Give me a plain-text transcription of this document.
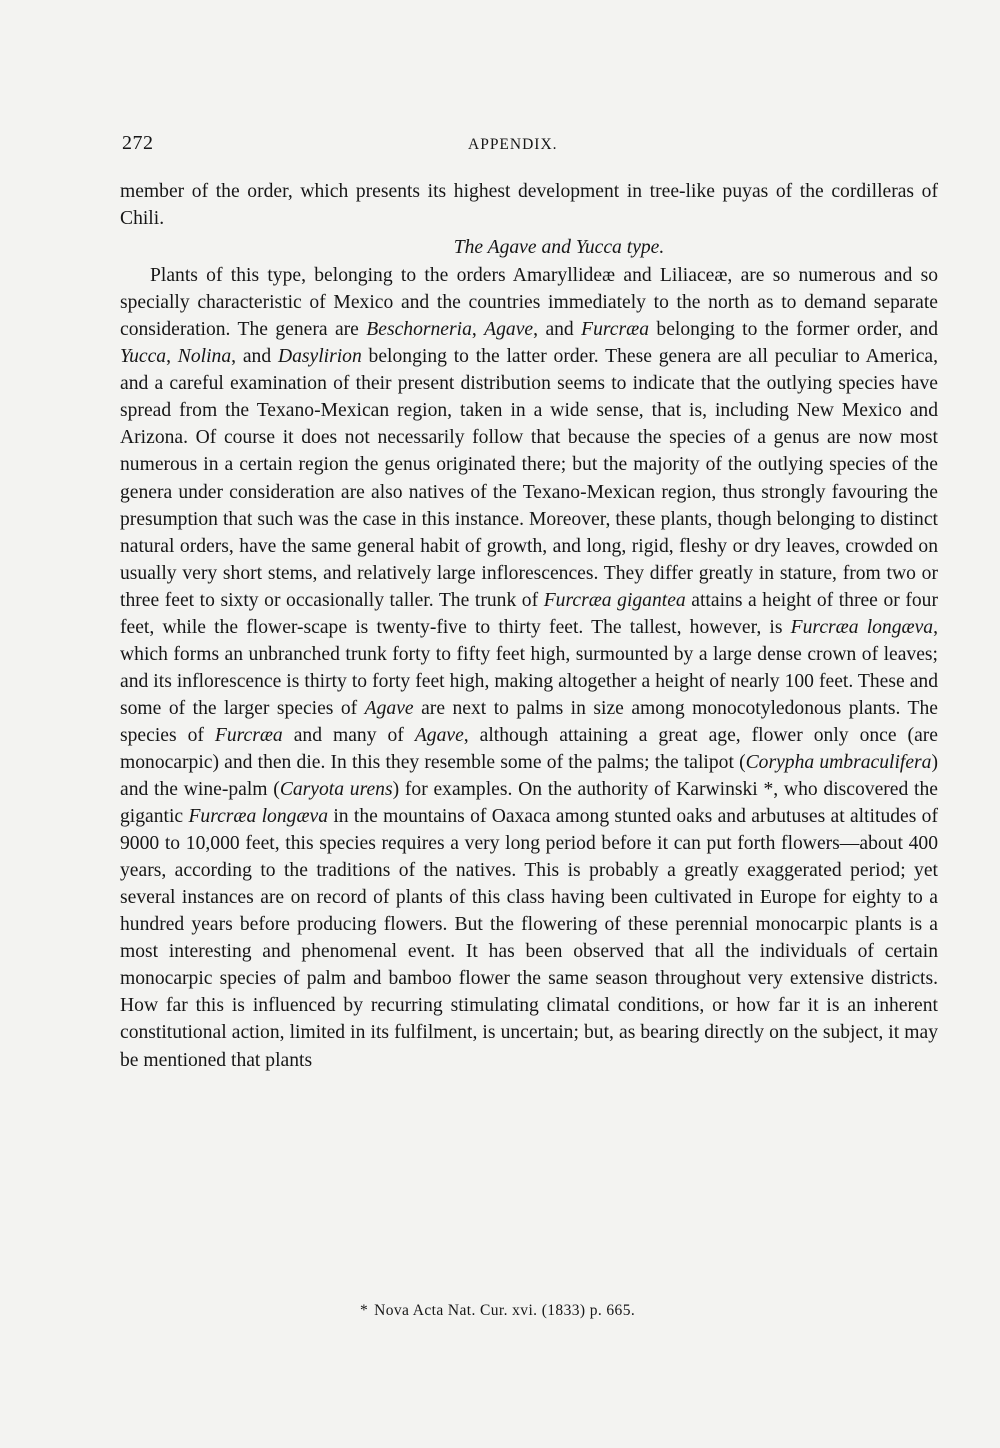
272	APPENDIX.

member of the order, which presents its highest development in tree-like puyas of the cordilleras of Chili.

The Agave and Yucca type.

Plants of this type, belonging to the orders Amaryllideæ and Liliaceæ, are so numerous and so specially characteristic of Mexico and the countries immediately to the north as to demand separate consideration. The genera are Beschorneria, Agave, and Furcræa belonging to the former order, and Yucca, Nolina, and Dasylirion belonging to the latter order. These genera are all peculiar to America, and a careful examination of their present distribution seems to indicate that the outlying species have spread from the Texano-Mexican region, taken in a wide sense, that is, including New Mexico and Arizona. Of course it does not necessarily follow that because the species of a genus are now most numerous in a certain region the genus originated there; but the majority of the outlying species of the genera under consideration are also natives of the Texano-Mexican region, thus strongly favouring the presumption that such was the case in this instance. Moreover, these plants, though belonging to distinct natural orders, have the same general habit of growth, and long, rigid, fleshy or dry leaves, crowded on usually very short stems, and relatively large inflorescences. They differ greatly in stature, from two or three feet to sixty or occasionally taller. The trunk of Furcræa gigantea attains a height of three or four feet, while the flower-scape is twenty-five to thirty feet. The tallest, however, is Furcræa longæva, which forms an unbranched trunk forty to fifty feet high, surmounted by a large dense crown of leaves; and its inflorescence is thirty to forty feet high, making altogether a height of nearly 100 feet. These and some of the larger species of Agave are next to palms in size among monocotyledonous plants. The species of Furcræa and many of Agave, although attaining a great age, flower only once (are monocarpic) and then die. In this they resemble some of the palms; the talipot (Corypha umbraculifera) and the wine-palm (Caryota urens) for examples. On the authority of Karwinski *, who discovered the gigantic Furcræa longæva in the mountains of Oaxaca among stunted oaks and arbutuses at altitudes of 9000 to 10,000 feet, this species requires a very long period before it can put forth flowers—about 400 years, according to the traditions of the natives. This is probably a greatly exaggerated period; yet several instances are on record of plants of this class having been cultivated in Europe for eighty to a hundred years before producing flowers. But the flowering of these perennial monocarpic plants is a most interesting and phenomenal event. It has been observed that all the individuals of certain monocarpic species of palm and bamboo flower the same season throughout very extensive districts. How far this is influenced by recurring stimulating climatal conditions, or how far it is an inherent constitutional action, limited in its fulfilment, is uncertain; but, as bearing directly on the subject, it may be mentioned that plants

* Nova Acta Nat. Cur. xvi. (1833) p. 665.
